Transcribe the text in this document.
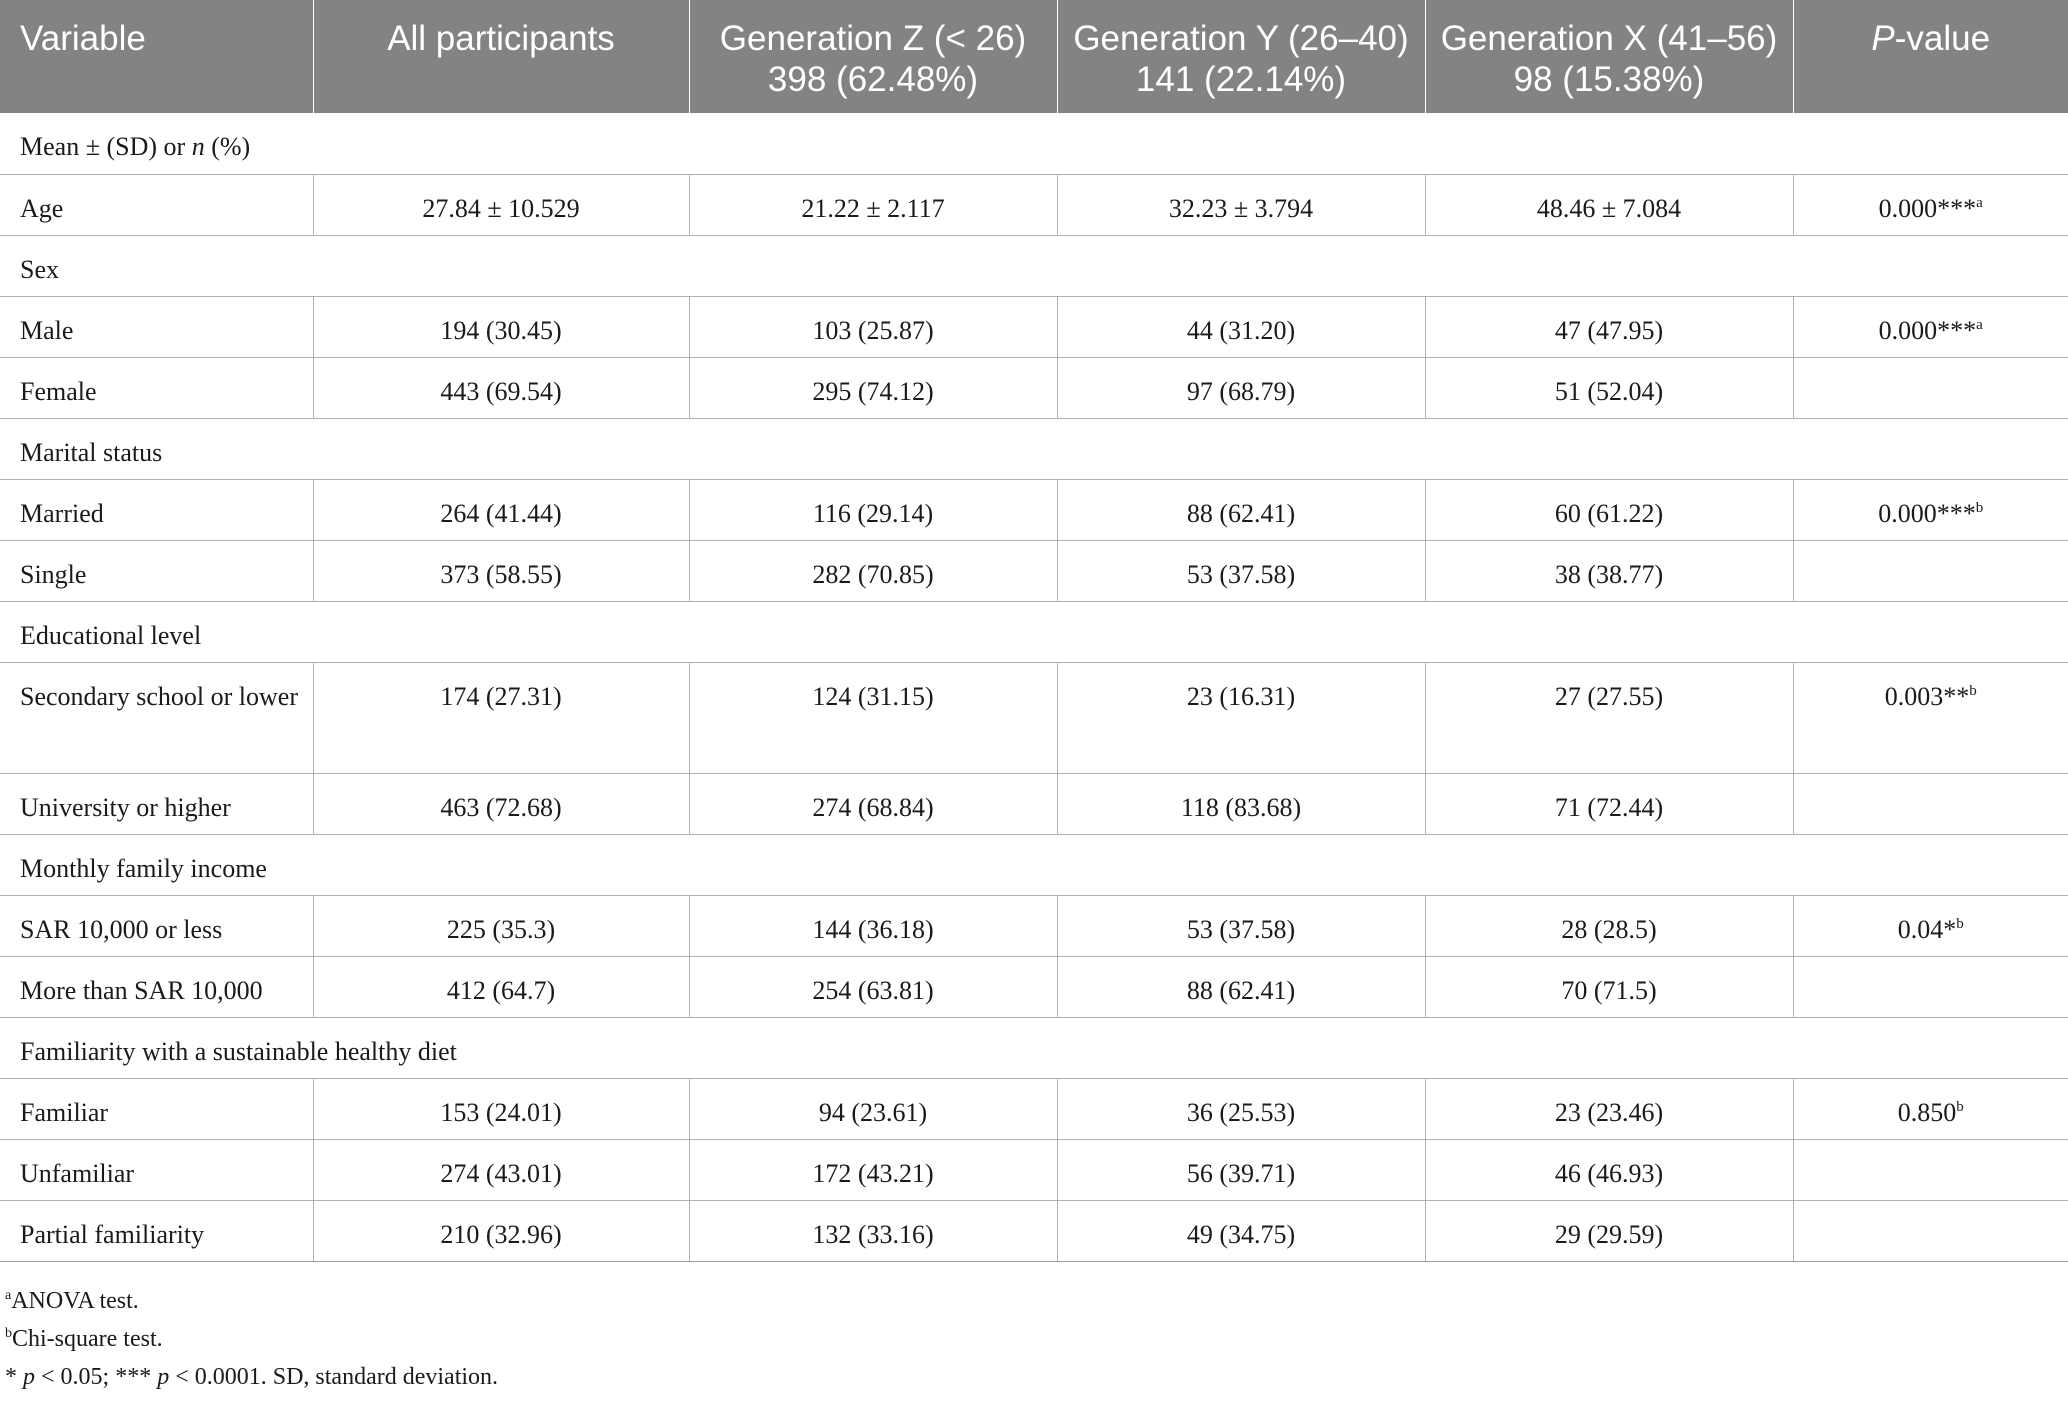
Variable	All participants	Generation Z (< 26) 398 (62.48%)	Generation Y (26–40) 141 (22.14%)	Generation X (41–56) 98 (15.38%)	P-value
Mean ± (SD) or n (%)					
Age	27.84 ± 10.529	21.22 ± 2.117	32.23 ± 3.794	48.46 ± 7.084	0.000***$^a$
Sex					
Male	194 (30.45)	103 (25.87)	44 (31.20)	47 (47.95)	0.000***$^a$
Female	443 (69.54)	295 (74.12)	97 (68.79)	51 (52.04)	
Marital status					
Married	264 (41.44)	116 (29.14)	88 (62.41)	60 (61.22)	0.000***$^b$
Single	373 (58.55)	282 (70.85)	53 (37.58)	38 (38.77)	
Educational level					
Secondary school or lower	174 (27.31)	124 (31.15)	23 (16.31)	27 (27.55)	0.003**$^b$
University or higher	463 (72.68)	274 (68.84)	118 (83.68)	71 (72.44)	
Monthly family income					
SAR 10,000 or less	225 (35.3)	144 (36.18)	53 (37.58)	28 (28.5)	0.04*$^b$
More than SAR 10,000	412 (64.7)	254 (63.81)	88 (62.41)	70 (71.5)	
Familiarity with a sustainable healthy diet					
Familiar	153 (24.01)	94 (23.61)	36 (25.53)	23 (23.46)	0.850$^b$
Unfamiliar	274 (43.01)	172 (43.21)	56 (39.71)	46 (46.93)	
Partial familiarity	210 (32.96)	132 (33.16)	49 (34.75)	29 (29.59)	
$^a$ANOVA test.
$^b$Chi-square test.
* p < 0.05; *** p < 0.0001. SD, standard deviation.
